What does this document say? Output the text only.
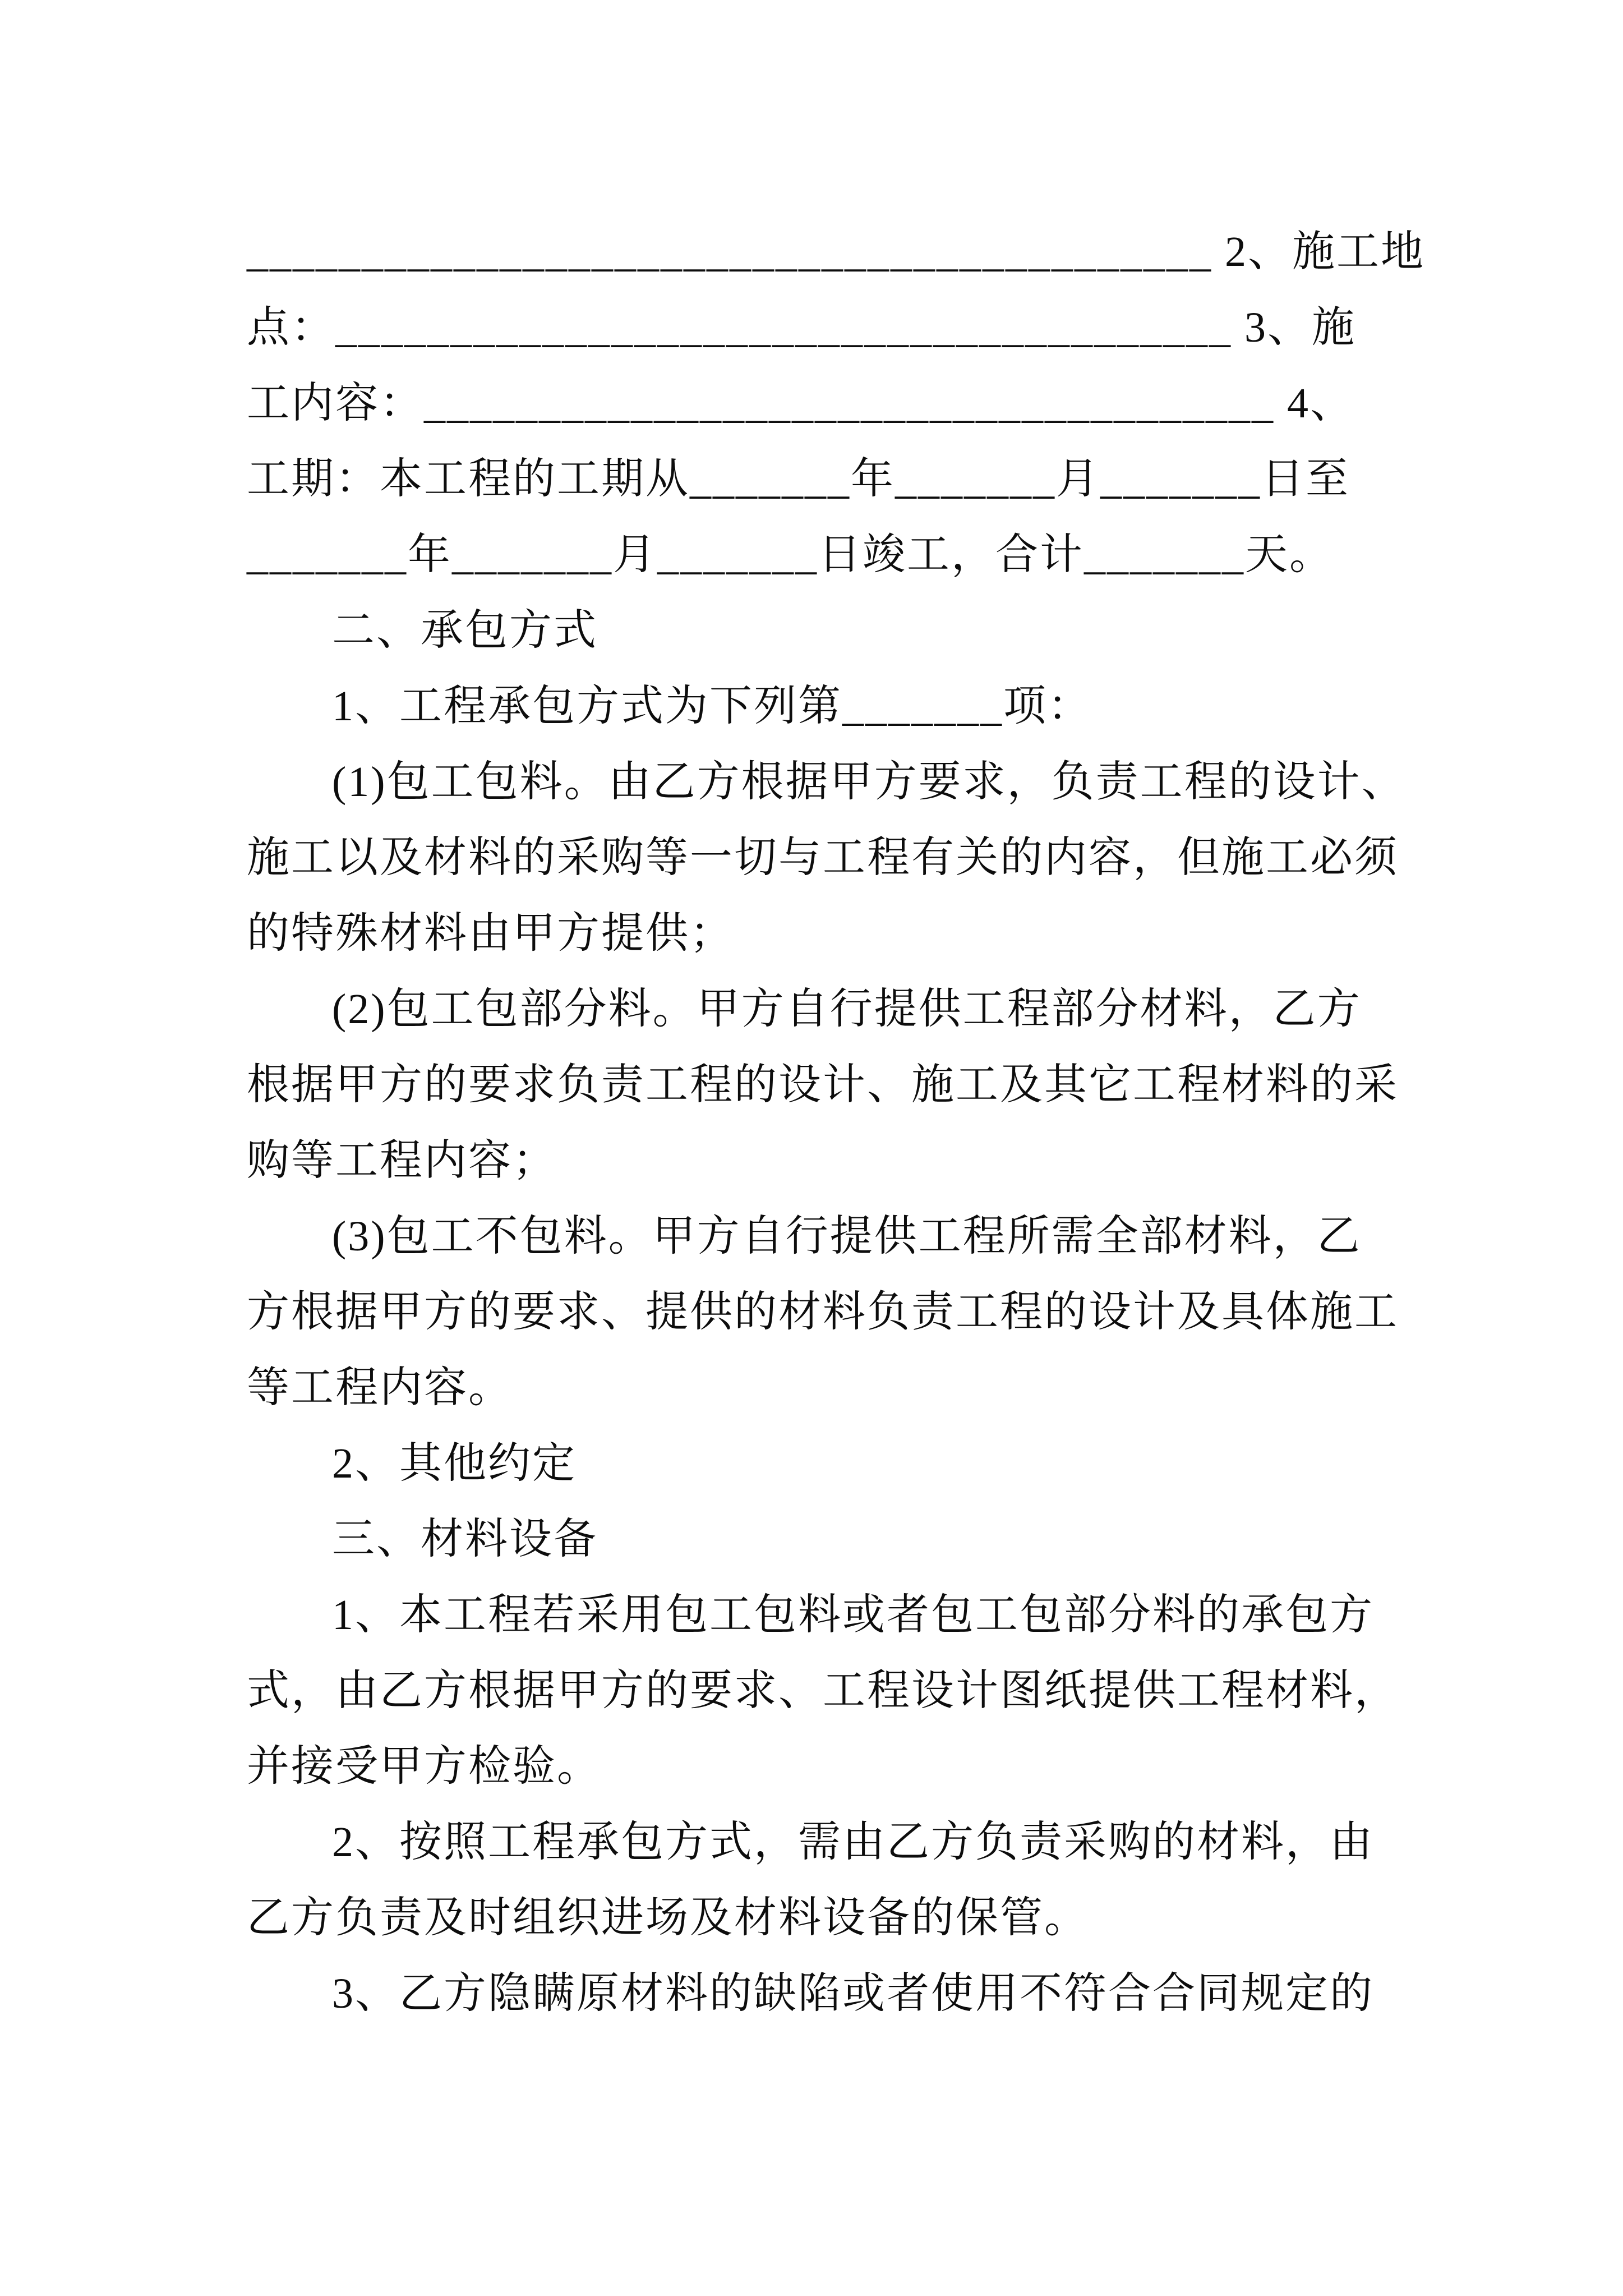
__________________________________________ 2、施工地
点：_______________________________________ 3、施
工内容：_____________________________________ 4、
工期：本工程的工期从_______年_______月_______日至
_______年_______月_______日竣工，合计_______天。
二、承包方式
1、工程承包方式为下列第_______项：
(1)包工包料。由乙方根据甲方要求，负责工程的设计、
施工以及材料的采购等一切与工程有关的内容，但施工必须
的特殊材料由甲方提供；
(2)包工包部分料。甲方自行提供工程部分材料，乙方
根据甲方的要求负责工程的设计、施工及其它工程材料的采
购等工程内容；
(3)包工不包料。甲方自行提供工程所需全部材料，乙
方根据甲方的要求、提供的材料负责工程的设计及具体施工
等工程内容。
2、其他约定
三、材料设备
1、本工程若采用包工包料或者包工包部分料的承包方
式，由乙方根据甲方的要求、工程设计图纸提供工程材料，
并接受甲方检验。
2、按照工程承包方式，需由乙方负责采购的材料，由
乙方负责及时组织进场及材料设备的保管。
3、乙方隐瞒原材料的缺陷或者使用不符合合同规定的
